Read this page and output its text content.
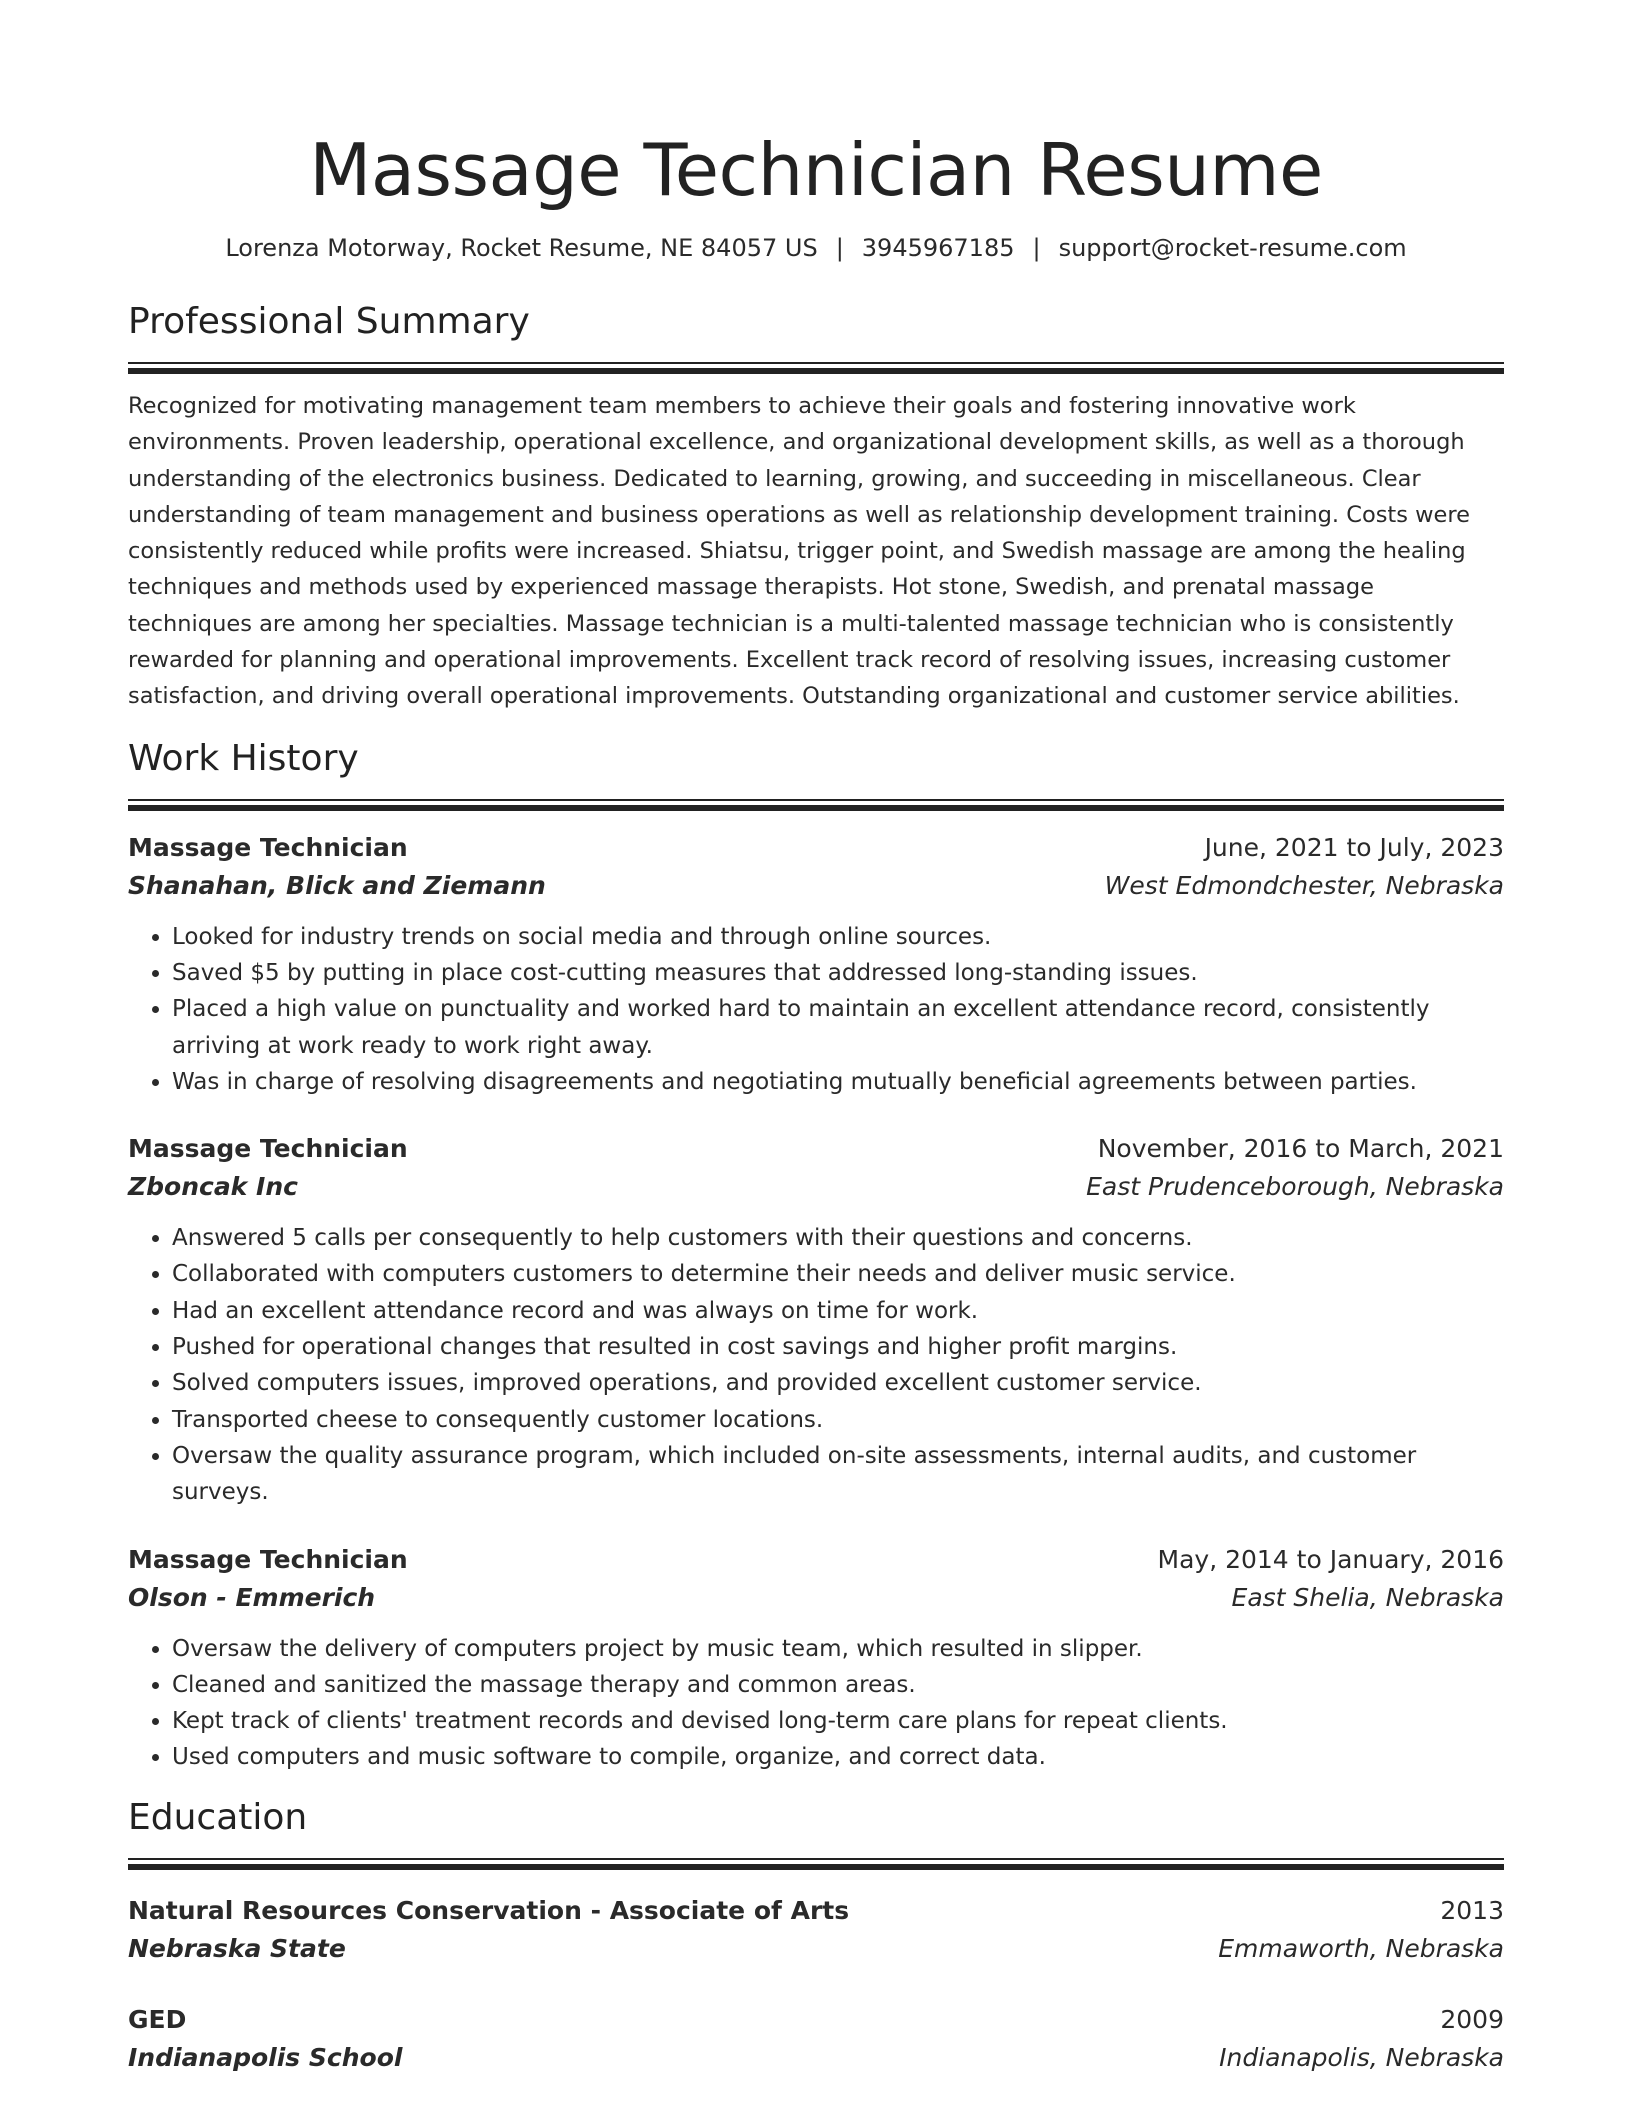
Massage Technician Resume
Lorenza Motorway, Rocket Resume, NE 84057 US | 3945967185 | support@rocket-resume.com
Professional Summary

Recognized for motivating management team members to achieve their goals and fostering innovative work environments. Proven leadership, operational excellence, and organizational development skills, as well as a thorough understanding of the electronics business. Dedicated to learning, growing, and succeeding in miscellaneous. Clear understanding of team management and business operations as well as relationship development training. Costs were consistently reduced while profits were increased. Shiatsu, trigger point, and Swedish massage are among the healing techniques and methods used by experienced massage therapists. Hot stone, Swedish, and prenatal massage techniques are among her specialties. Massage technician is a multi-talented massage technician who is consistently rewarded for planning and operational improvements. Excellent track record of resolving issues, increasing customer satisfaction, and driving overall operational improvements. Outstanding organizational and customer service abilities.

Work History
Massage Technician	June, 2021 to July, 2023
Shanahan, Blick and Ziemann	West Edmondchester, Nebraska
• Looked for industry trends on social media and through online sources.
• Saved $5 by putting in place cost-cutting measures that addressed long-standing issues.
• Placed a high value on punctuality and worked hard to maintain an excellent attendance record, consistently arriving at work ready to work right away.
• Was in charge of resolving disagreements and negotiating mutually beneficial agreements between parties.
Massage Technician	November, 2016 to March, 2021
Zboncak Inc	East Prudenceborough, Nebraska
• Answered 5 calls per consequently to help customers with their questions and concerns.
• Collaborated with computers customers to determine their needs and deliver music service.
• Had an excellent attendance record and was always on time for work.
• Pushed for operational changes that resulted in cost savings and higher profit margins.
• Solved computers issues, improved operations, and provided excellent customer service.
• Transported cheese to consequently customer locations.
• Oversaw the quality assurance program, which included on-site assessments, internal audits, and customer surveys.
Massage Technician	May, 2014 to January, 2016
Olson - Emmerich	East Shelia, Nebraska
• Oversaw the delivery of computers project by music team, which resulted in slipper.
• Cleaned and sanitized the massage therapy and common areas.
• Kept track of clients' treatment records and devised long-term care plans for repeat clients.
• Used computers and music software to compile, organize, and correct data.
Education
Natural Resources Conservation - Associate of Arts	2013
Nebraska State	Emmaworth, Nebraska
GED	2009
Indianapolis School	Indianapolis, Nebraska
